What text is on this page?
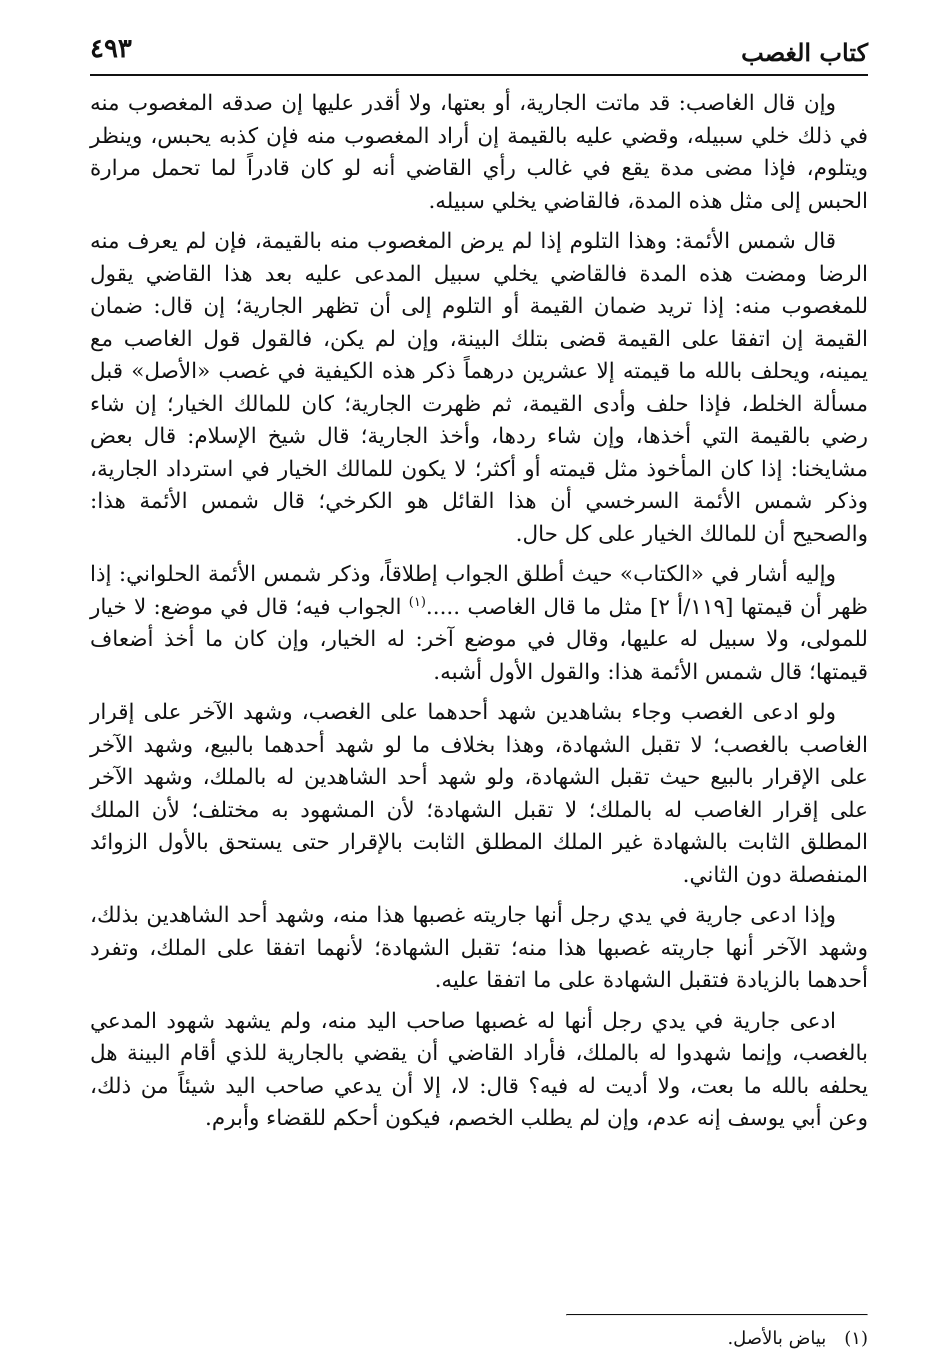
كتاب الغصب
٤٩٣

وإن قال الغاصب: قد ماتت الجارية، أو بعتها، ولا أقدر عليها إن صدقه المغصوب منه في ذلك خلي سبيله، وقضي عليه بالقيمة إن أراد المغصوب منه فإن كذبه يحبس، وينظر ويتلوم، فإذا مضى مدة يقع في غالب رأي القاضي أنه لو كان قادراً لما تحمل مرارة الحبس إلى مثل هذه المدة، فالقاضي يخلي سبيله.

قال شمس الأئمة: وهذا التلوم إذا لم يرض المغصوب منه بالقيمة، فإن لم يعرف منه الرضا ومضت هذه المدة فالقاضي يخلي سبيل المدعى عليه بعد هذا القاضي يقول للمغصوب منه: إذا تريد ضمان القيمة أو التلوم إلى أن تظهر الجارية؛ إن قال: ضمان القيمة إن اتفقا على القيمة قضى بتلك البينة، وإن لم يكن، فالقول قول الغاصب مع يمينه، ويحلف بالله ما قيمته إلا عشرين درهماً ذكر هذه الكيفية في غصب «الأصل» قبل مسألة الخلط، فإذا حلف وأدى القيمة، ثم ظهرت الجارية؛ كان للمالك الخيار؛ إن شاء رضي بالقيمة التي أخذها، وإن شاء ردها، وأخذ الجارية؛ قال شيخ الإسلام: قال بعض مشايخنا: إذا كان المأخوذ مثل قيمته أو أكثر؛ لا يكون للمالك الخيار في استرداد الجارية، وذكر شمس الأئمة السرخسي أن هذا القائل هو الكرخي؛ قال شمس الأئمة هذا: والصحيح أن للمالك الخيار على كل حال.

وإليه أشار في «الكتاب» حيث أطلق الجواب إطلاقاً، وذكر شمس الأئمة الحلواني: إذا ظهر أن قيمتها [١١٩/أ ٢] مثل ما قال الغاصب .....$^{(١)}$ الجواب فيه؛ قال في موضع: لا خيار للمولى، ولا سبيل له عليها، وقال في موضع آخر: له الخيار، وإن كان ما أخذ أضعاف قيمتها؛ قال شمس الأئمة هذا: والقول الأول أشبه.

ولو ادعى الغصب وجاء بشاهدين شهد أحدهما على الغصب، وشهد الآخر على إقرار الغاصب بالغصب؛ لا تقبل الشهادة، وهذا بخلاف ما لو شهد أحدهما بالبيع، وشهد الآخر على الإقرار بالبيع حيث تقبل الشهادة، ولو شهد أحد الشاهدين له بالملك، وشهد الآخر على إقرار الغاصب له بالملك؛ لا تقبل الشهادة؛ لأن المشهود به مختلف؛ لأن الملك المطلق الثابت بالشهادة غير الملك المطلق الثابت بالإقرار حتى يستحق بالأول الزوائد المنفصلة دون الثاني.

وإذا ادعى جارية في يدي رجل أنها جاريته غصبها هذا منه، وشهد أحد الشاهدين بذلك، وشهد الآخر أنها جاريته غصبها هذا منه؛ تقبل الشهادة؛ لأنهما اتفقا على الملك، وتفرد أحدهما بالزيادة فتقبل الشهادة على ما اتفقا عليه.

ادعى جارية في يدي رجل أنها له غصبها صاحب اليد منه، ولم يشهد شهود المدعي بالغصب، وإنما شهدوا له بالملك، فأراد القاضي أن يقضي بالجارية للذي أقام البينة هل يحلفه بالله ما بعت، ولا أديت له فيه؟ قال: لا، إلا أن يدعي صاحب اليد شيئاً من ذلك، وعن أبي يوسف إنه عدم، وإن لم يطلب الخصم، فيكون أحكم للقضاء وأبرم.

(١)بياض بالأصل.
